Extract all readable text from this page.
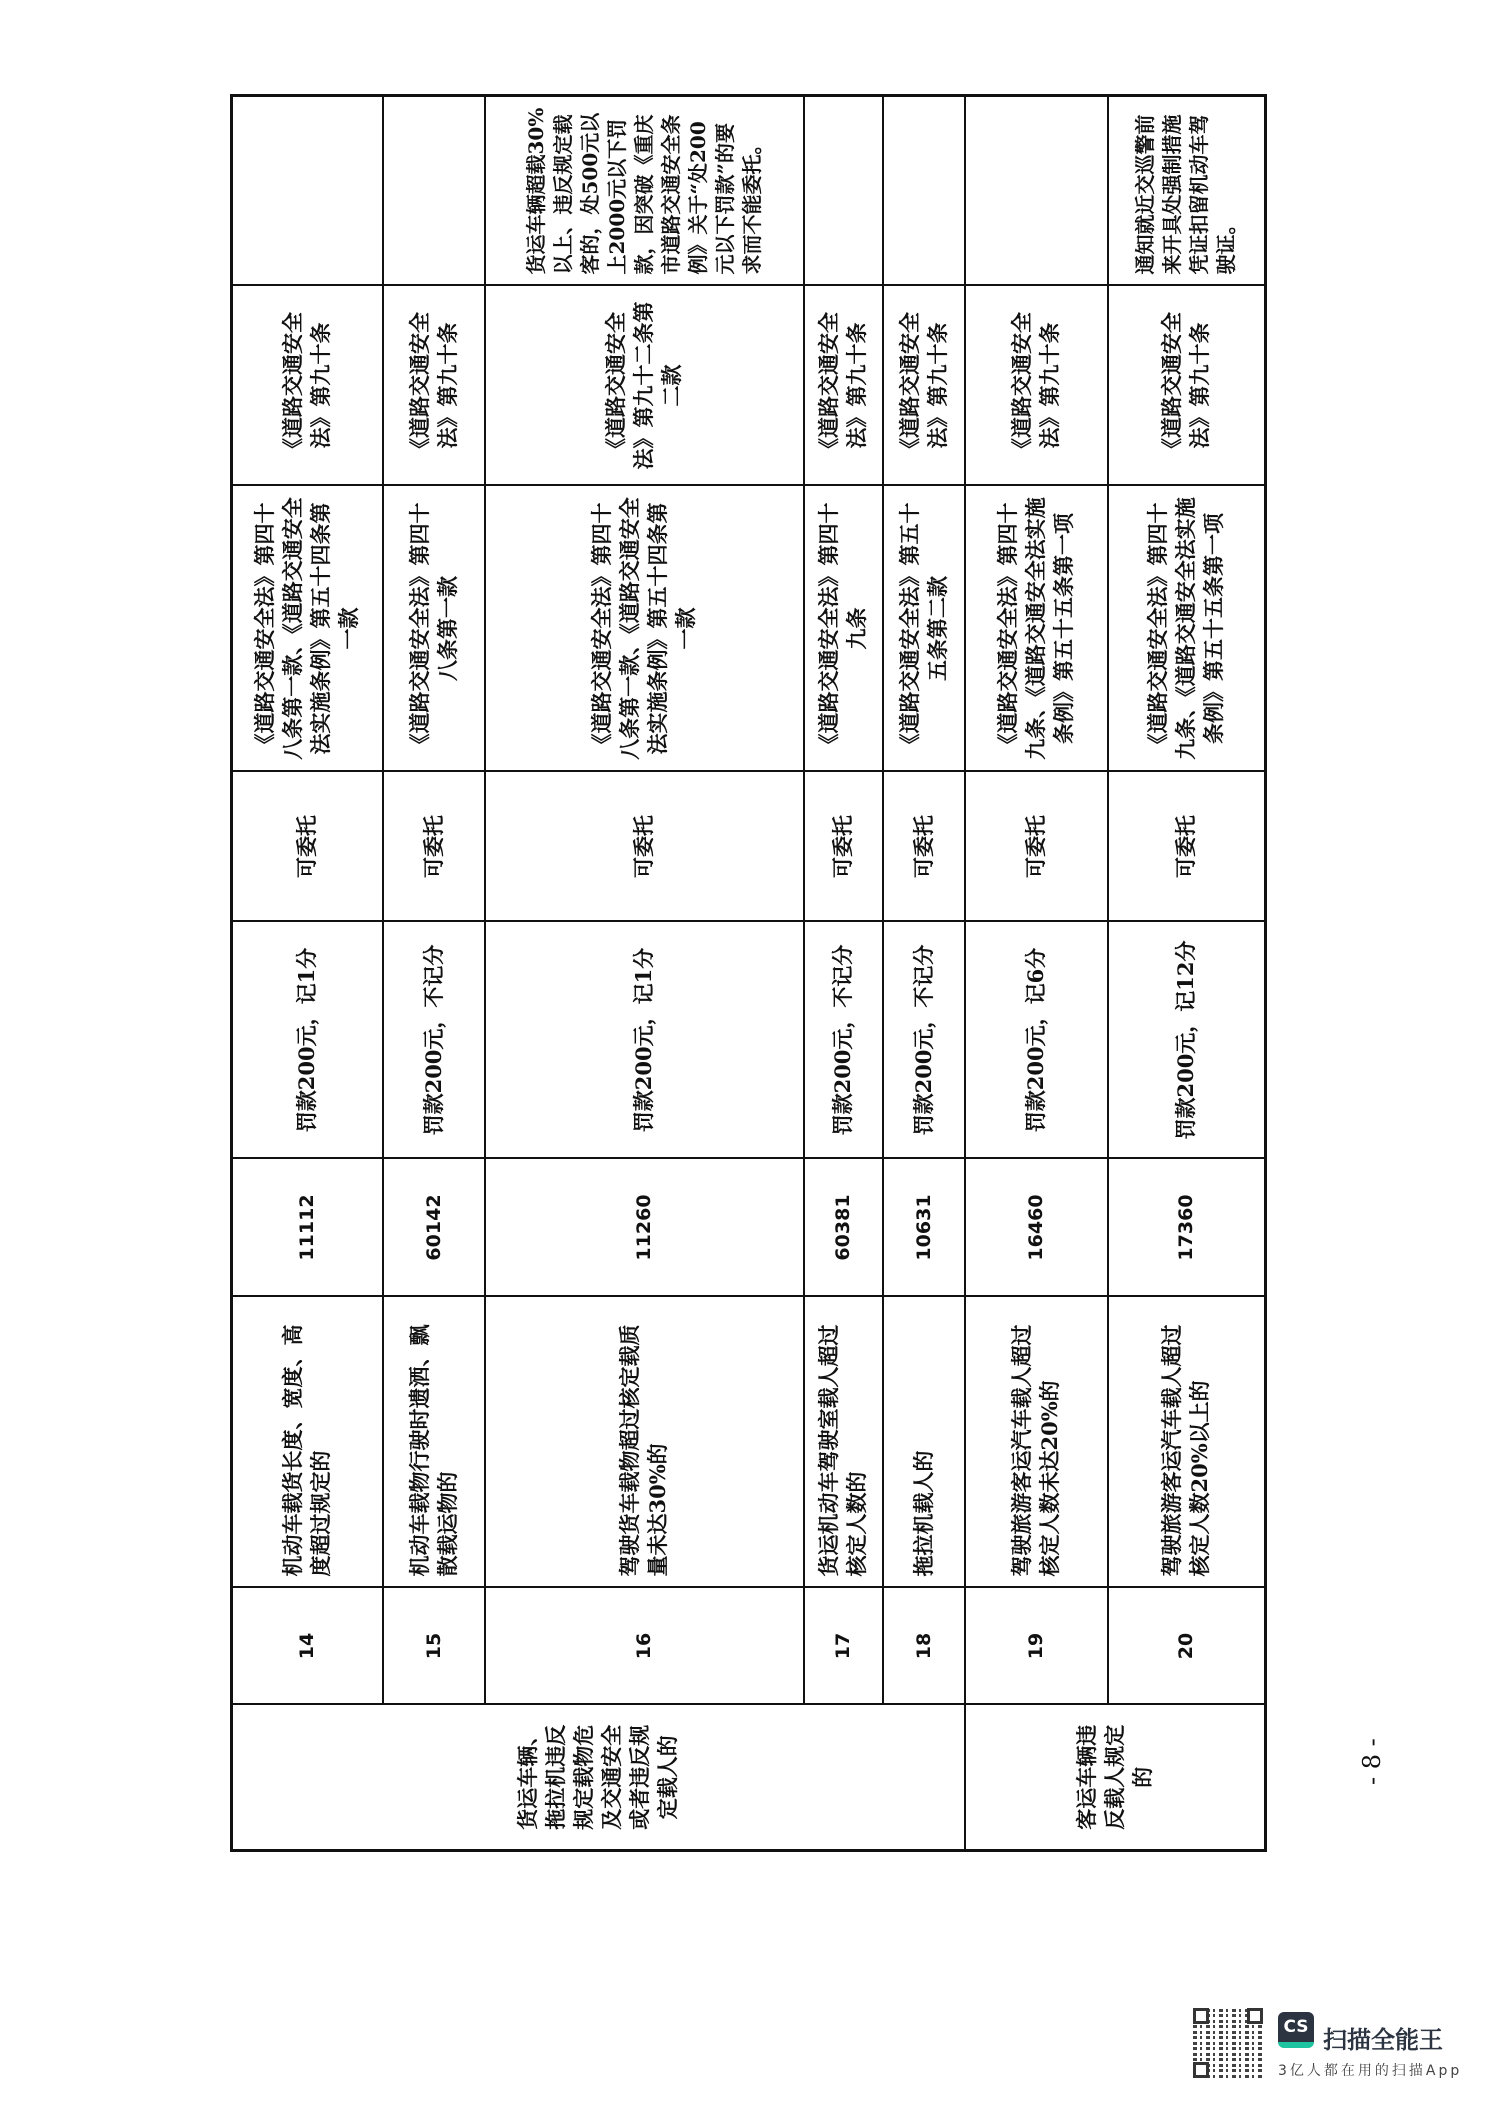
货运车辆、拖拉机违反规定载物危及交通安全或者违反规定载人的	14	机动车载货长度、宽度、高度超过规定的	11112	罚款200元，记1分	可委托	《道路交通安全法》第四十八条第一款、《道路交通安全法实施条例》第五十四条第一款	《道路交通安全法》第九十条	
	15	机动车载物行驶时遗洒、飘散载运物的	60142	罚款200元，不记分	可委托	《道路交通安全法》第四十八条第一款	《道路交通安全法》第九十条	
	16	驾驶货车载物超过核定载质量未达30%的	11260	罚款200元，记1分	可委托	《道路交通安全法》第四十八条第一款、《道路交通安全法实施条例》第五十四条第一款	《道路交通安全法》第九十二条第二款	货运车辆超载30%以上、违反规定载客的，处500元以上2000元以下罚款，因突破《重庆市道路交通安全条例》关于“处200元以下罚款”的要求而不能委托。
	17	货运机动车驾驶室载人超过核定人数的	60381	罚款200元，不记分	可委托	《道路交通安全法》第四十九条	《道路交通安全法》第九十条	
	18	拖拉机载人的	10631	罚款200元，不记分	可委托	《道路交通安全法》第五十五条第二款	《道路交通安全法》第九十条	
客运车辆违反载人规定的	19	驾驶旅游客运汽车载人超过核定人数未达20%的	16460	罚款200元，记6分	可委托	《道路交通安全法》第四十九条、《道路交通安全法实施条例》第五十五条第一项	《道路交通安全法》第九十条	
	20	驾驶旅游客运汽车载人超过核定人数20%以上的	17360	罚款200元，记12分	可委托	《道路交通安全法》第四十九条、《道路交通安全法实施条例》第五十五条第一项	《道路交通安全法》第九十条	通知就近交巡警前来开具处强制措施凭证扣留机动车驾驶证。
- 8 -
CS 扫描全能王
3亿人都在用的扫描App
